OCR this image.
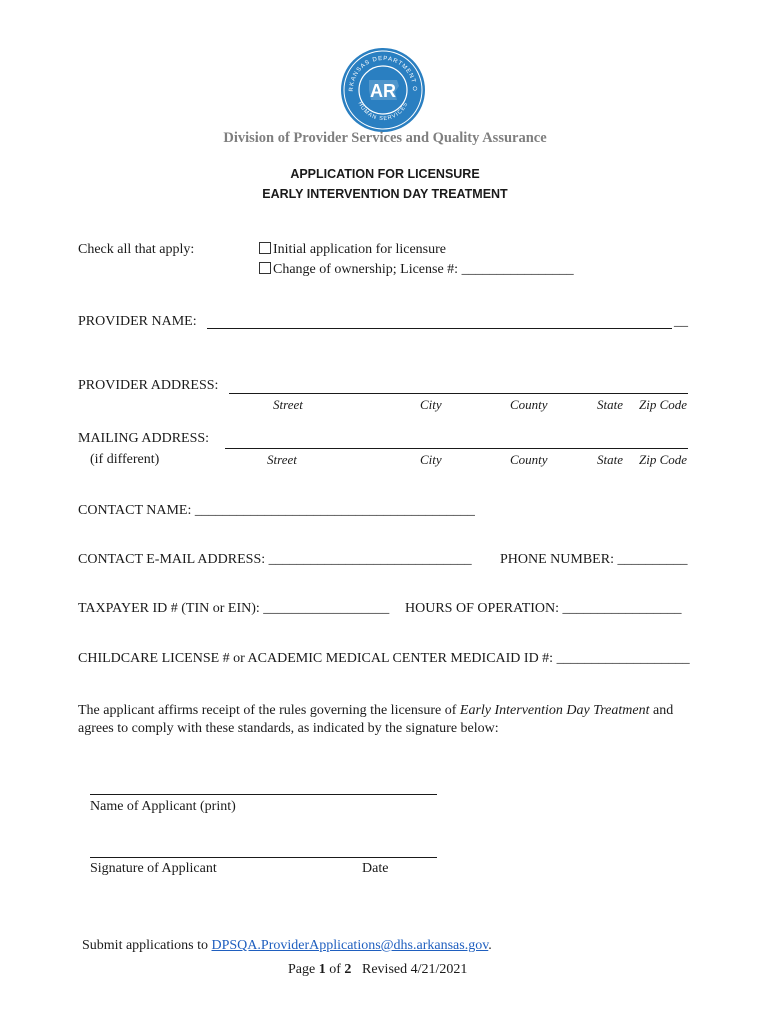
RKANSAS DEPARTMENT O
HUMAN SERVICES
AR
Division of Provider Services and Quality Assurance
APPLICATION FOR LICENSURE
EARLY INTERVENTION DAY TREATMENT
Check all that apply:	Initial application for licensure
Change of ownership; License #: ________________
PROVIDER NAME:	__
PROVIDER ADDRESS:
Street	City	County	State Zip Code
MAILING ADDRESS:
(if different)	Street	City	County	State Zip Code
CONTACT NAME: ________________________________________
CONTACT E-MAIL ADDRESS: _____________________________ PHONE NUMBER: __________
TAXPAYER ID # (TIN or EIN): __________________ HOURS OF OPERATION: _________________
CHILDCARE LICENSE # or ACADEMIC MEDICAL CENTER MEDICAID ID #: ___________________
The applicant affirms receipt of the rules governing the licensure of Early Intervention Day Treatment and
agrees to comply with these standards, as indicated by the signature below:
Name of Applicant (print)
Signature of Applicant	Date
Submit applications to DPSQA.ProviderApplications@dhs.arkansas.gov.
Page 1 of 2 Revised 4/21/2021
